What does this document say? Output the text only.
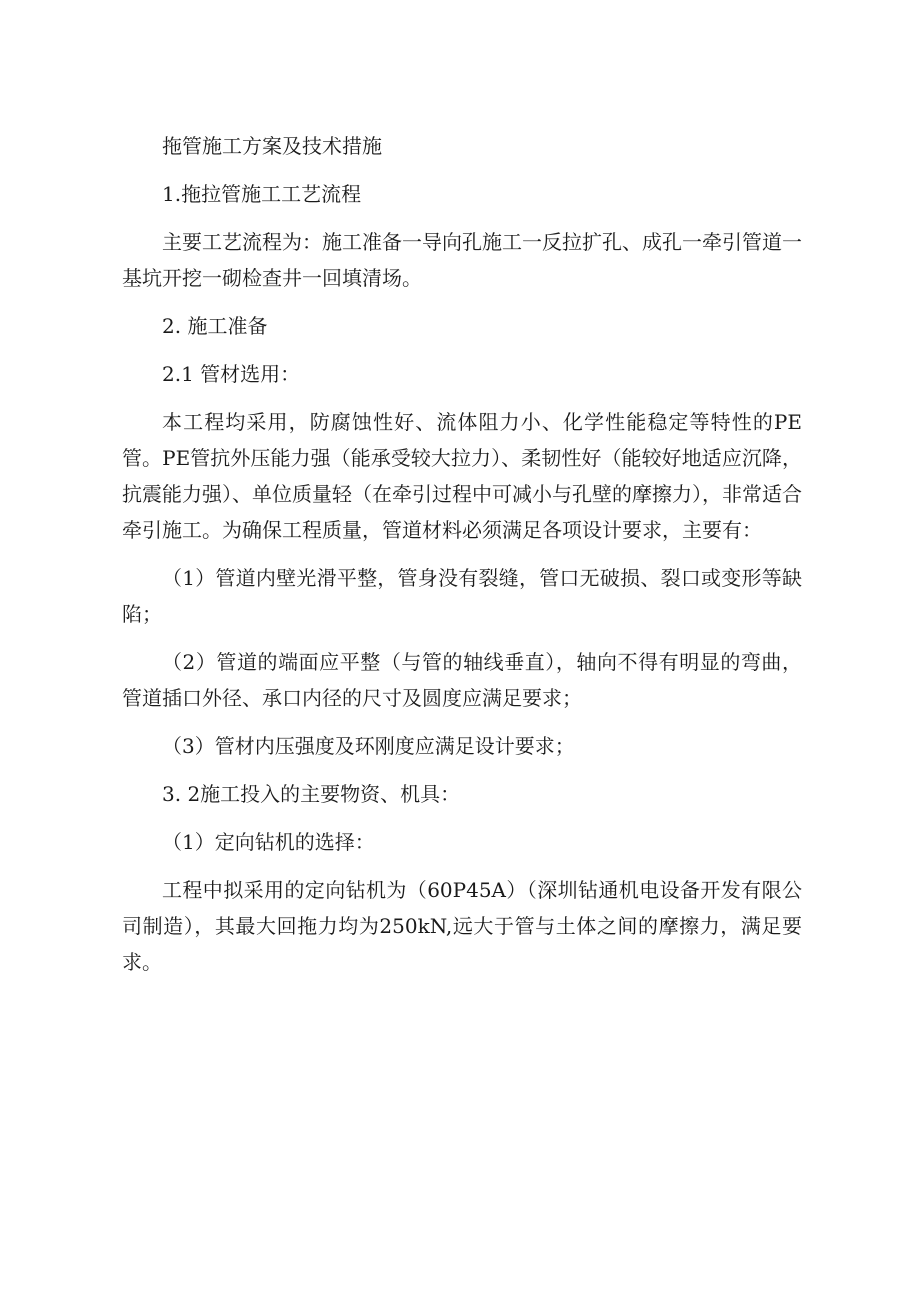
拖管施工方案及技术措施

1.拖拉管施工工艺流程

主要工艺流程为：施工准备一导向孔施工一反拉扩孔、成孔一牵引管道一基坑开挖一砌检查井一回填清场。

2. 施工准备

2.1 管材选用：

本工程均采用，防腐蚀性好、流体阻力小、化学性能稳定等特性的PE管。PE管抗外压能力强（能承受较大拉力）、柔韧性好（能较好地适应沉降，抗震能力强）、单位质量轻（在牵引过程中可减小与孔壁的摩擦力），非常适合牵引施工。为确保工程质量，管道材料必须满足各项设计要求，主要有：

（1）管道内壁光滑平整，管身没有裂缝，管口无破损、裂口或变形等缺陷；

（2）管道的端面应平整（与管的轴线垂直），轴向不得有明显的弯曲，管道插口外径、承口内径的尺寸及圆度应满足要求；

（3）管材内压强度及环刚度应满足设计要求；

3. 2施工投入的主要物资、机具：

（1）定向钻机的选择：

工程中拟采用的定向钻机为（60P45A）（深圳钻通机电设备开发有限公司制造），其最大回拖力均为250kN,远大于管与土体之间的摩擦力，满足要求。
